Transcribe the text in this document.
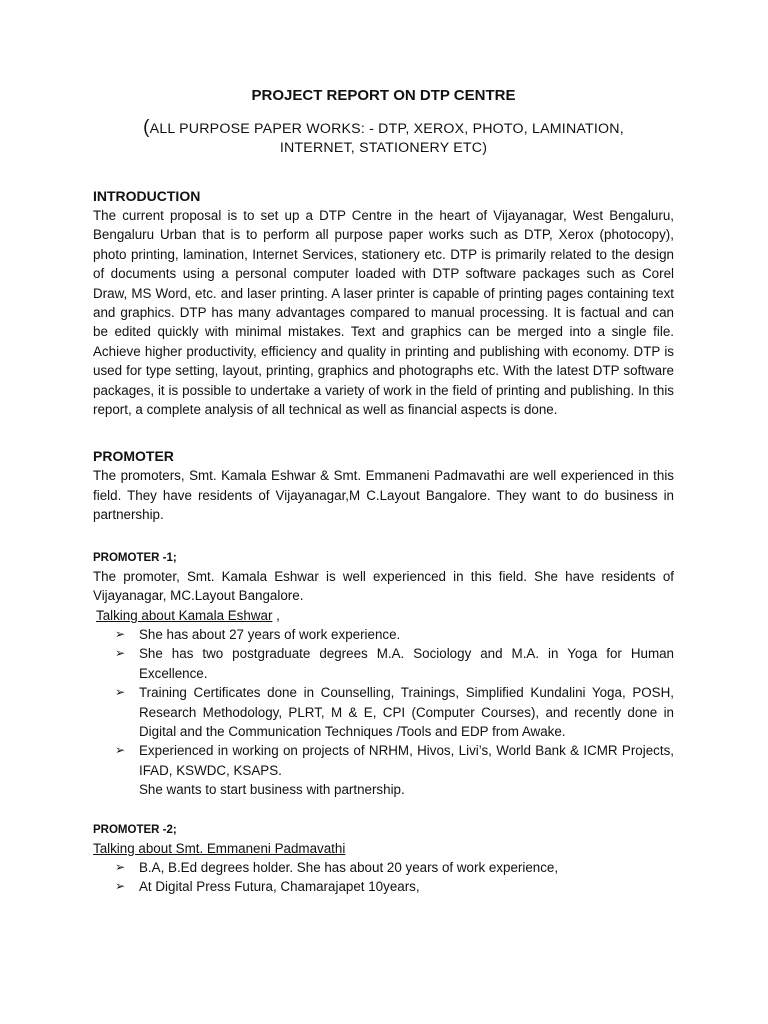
PROJECT REPORT ON DTP CENTRE

(ALL PURPOSE PAPER WORKS: - DTP, XEROX, PHOTO, LAMINATION,
INTERNET, STATIONERY ETC)

INTRODUCTION

The current proposal is to set up a DTP Centre in the heart of Vijayanagar, West Bengaluru, Bengaluru Urban that is to perform all purpose paper works such as DTP, Xerox (photocopy), photo printing, lamination, Internet Services, stationery etc. DTP is primarily related to the design of documents using a personal computer loaded with DTP software packages such as Corel Draw, MS Word, etc. and laser printing. A laser printer is capable of printing pages containing text and graphics. DTP has many advantages compared to manual processing. It is factual and can be edited quickly with minimal mistakes. Text and graphics can be merged into a single file. Achieve higher productivity, efficiency and quality in printing and publishing with economy. DTP is used for type setting, layout, printing, graphics and photographs etc. With the latest DTP software packages, it is possible to undertake a variety of work in the field of printing and publishing. In this report, a complete analysis of all technical as well as financial aspects is done.

PROMOTER

The promoters, Smt. Kamala Eshwar & Smt. Emmaneni Padmavathi are well experienced in this field. They have residents of Vijayanagar,M C.Layout Bangalore. They want to do business in partnership.

PROMOTER -1;

The promoter, Smt. Kamala Eshwar is well experienced in this field. She have residents of Vijayanagar, MC.Layout Bangalore.

Talking about Kamala Eshwar ,

➢ She has about 27 years of work experience.
➢ She has two postgraduate degrees M.A. Sociology and M.A. in Yoga for Human Excellence.
➢ Training Certificates done in Counselling, Trainings, Simplified Kundalini Yoga, POSH, Research Methodology, PLRT, M & E, CPI (Computer Courses), and recently done in Digital and the Communication Techniques /Tools and EDP from Awake.
➢ Experienced in working on projects of NRHM, Hivos, Livi’s, World Bank & ICMR Projects, IFAD, KSWDC, KSAPS.
She wants to start business with partnership.

PROMOTER -2;

Talking about Smt. Emmaneni Padmavathi

➢ B.A, B.Ed degrees holder. She has about 20 years of work experience,
➢ At Digital Press Futura, Chamarajapet 10years,
